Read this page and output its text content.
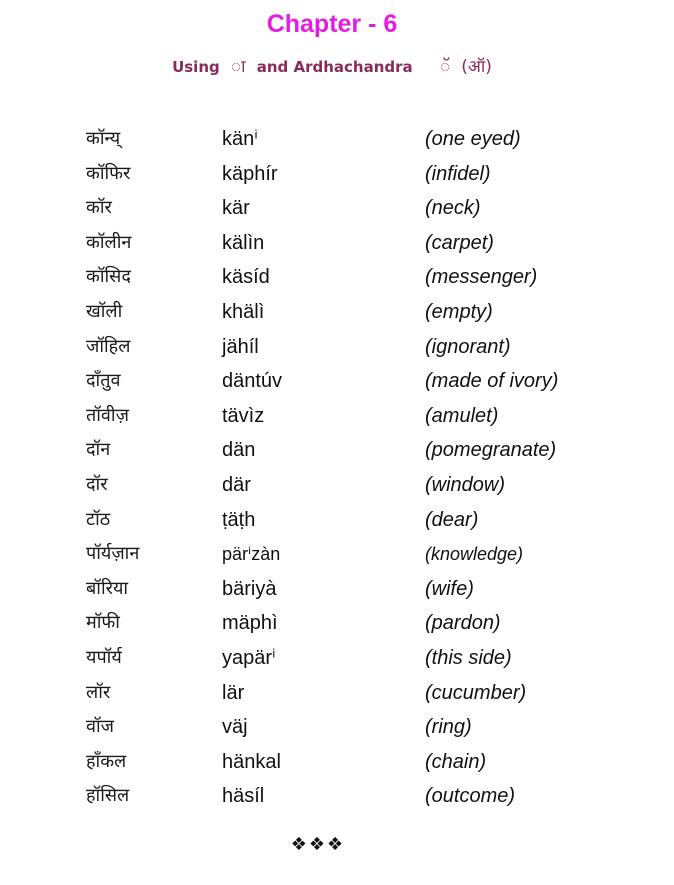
Chapter - 6
Using ा and Ardhachandra ॅ (ऑ)
कॉन्य्	känⁱ	(one eyed)
कॉफिर	käphír	(infidel)
कॉर	kär	(neck)
कॉलीन	kälìn	(carpet)
कॉसिद	käsíd	(messenger)
खॉली	khälì	(empty)
जॉहिल	jähíl	(ignorant)
दाँतुव	däntúv	(made of ivory)
तॉवीज़	tävìz	(amulet)
दॉन	dän	(pomegranate)
दॉर	där	(window)
टॉठ	ṭäṭh	(dear)
पॉर्यज़ान	pärⁱzàn	(knowledge)
बॉरिया	bäriyà	(wife)
मॉफी	mäphì	(pardon)
यपॉर्य	yapärⁱ	(this side)
लॉर	lär	(cucumber)
वॉज	väj	(ring)
हाँकल	hänkal	(chain)
हॉसिल	häsíl	(outcome)
❖❖❖
